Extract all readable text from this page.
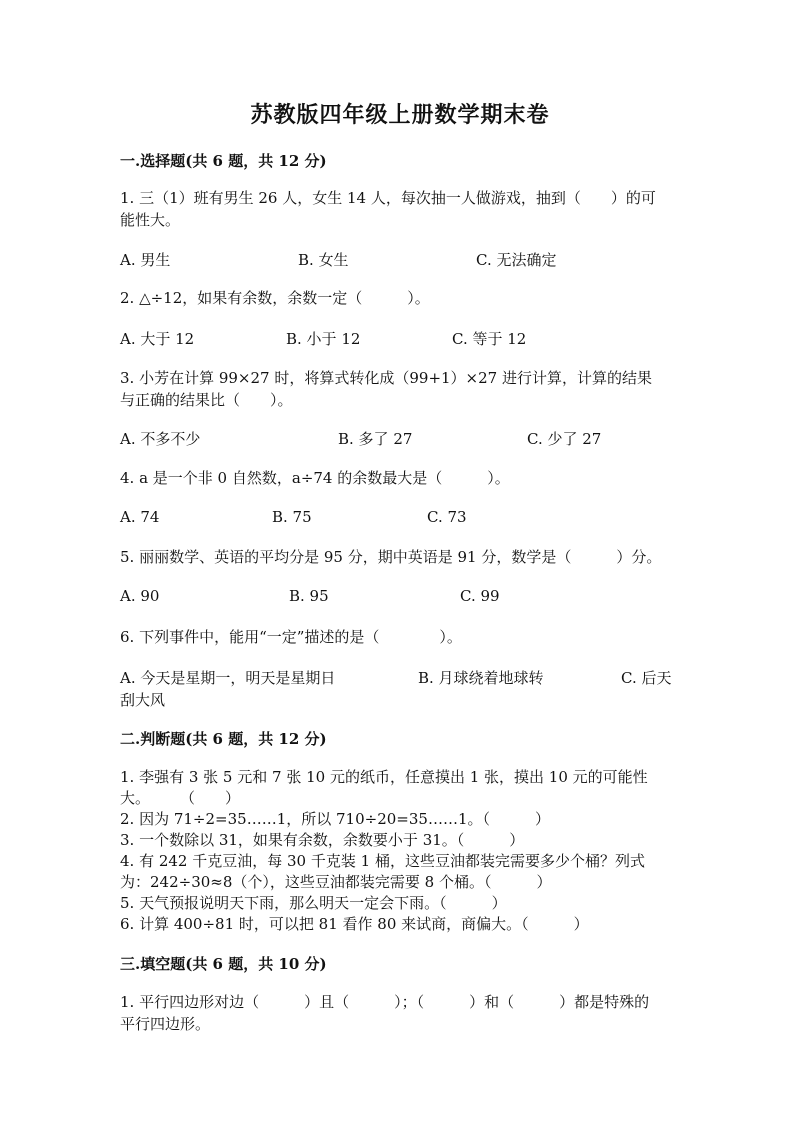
苏教版四年级上册数学期末卷
一.选择题(共 6 题，共 12 分)
1. 三（1）班有男生 26 人，女生 14 人，每次抽一人做游戏，抽到（　　）的可
能性大。
A. 男生	B. 女生	C. 无法确定
2. △÷12，如果有余数，余数一定（　　　）。
A. 大于 12	B. 小于 12	C. 等于 12
3. 小芳在计算 99×27 时，将算式转化成（99+1）×27 进行计算，计算的结果
与正确的结果比（　　）。
A. 不多不少	B. 多了 27	C. 少了 27
4. a 是一个非 0 自然数，a÷74 的余数最大是（　　　）。
A. 74	B. 75	C. 73
5. 丽丽数学、英语的平均分是 95 分，期中英语是 91 分，数学是（　　　）分。
A. 90	B. 95	C. 99
6. 下列事件中，能用“一定”描述的是（　　　　）。
A. 今天是星期一，明天是星期日	B. 月球绕着地球转	C. 后天
刮大风
二.判断题(共 6 题，共 12 分)
1. 李强有 3 张 5 元和 7 张 10 元的纸币，任意摸出 1 张，摸出 10 元的可能性
大。　　　（　　）
2. 因为 71÷2=35……1，所以 710÷20=35……1。（　　　）
3. 一个数除以 31，如果有余数，余数要小于 31。（　　　）
4. 有 242 千克豆油，每 30 千克装 1 桶，这些豆油都装完需要多少个桶？列式
为：242÷30≈8（个），这些豆油都装完需要 8 个桶。（　　　）
5. 天气预报说明天下雨，那么明天一定会下雨。（　　　）
6. 计算 400÷81 时，可以把 81 看作 80 来试商，商偏大。（　　　）
三.填空题(共 6 题，共 10 分)
1. 平行四边形对边（　　　）且（　　　）；（　　　）和（　　　）都是特殊的
平行四边形。
